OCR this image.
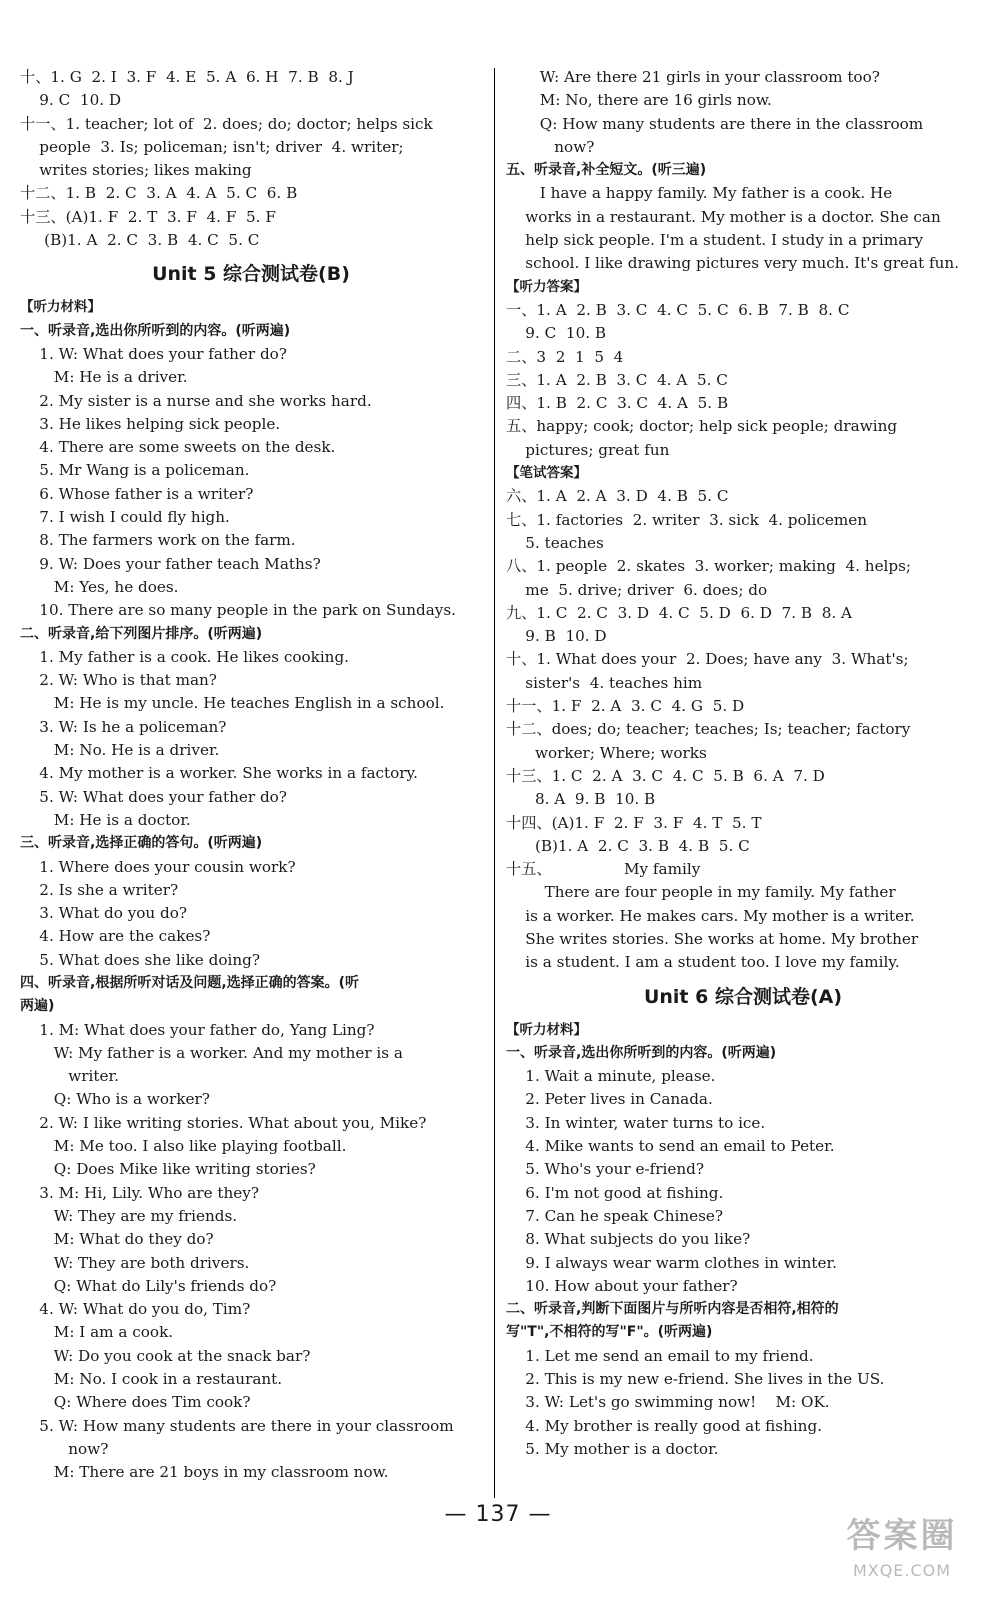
十、1. G  2. I  3. F  4. E  5. A  6. H  7. B  8. J
9. C  10. D
十一、1. teacher; lot of  2. does; do; doctor; helps sick
people  3. Is; policeman; isn't; driver  4. writer;
writes stories; likes making
十二、1. B  2. C  3. A  4. A  5. C  6. B
十三、(A)1. F  2. T  3. F  4. F  5. F
(B)1. A  2. C  3. B  4. C  5. C
Unit 5 综合测试卷(B)
【听力材料】
一、听录音,选出你所听到的内容。(听两遍)
1. W: What does your father do?
M: He is a driver.
2. My sister is a nurse and she works hard.
3. He likes helping sick people.
4. There are some sweets on the desk.
5. Mr Wang is a policeman.
6. Whose father is a writer?
7. I wish I could fly high.
8. The farmers work on the farm.
9. W: Does your father teach Maths?
M: Yes, he does.
10. There are so many people in the park on Sundays.
二、听录音,给下列图片排序。(听两遍)
1. My father is a cook. He likes cooking.
2. W: Who is that man?
M: He is my uncle. He teaches English in a school.
3. W: Is he a policeman?
M: No. He is a driver.
4. My mother is a worker. She works in a factory.
5. W: What does your father do?
M: He is a doctor.
三、听录音,选择正确的答句。(听两遍)
1. Where does your cousin work?
2. Is she a writer?
3. What do you do?
4. How are the cakes?
5. What does she like doing?
四、听录音,根据所听对话及问题,选择正确的答案。(听
两遍)
1. M: What does your father do, Yang Ling?
W: My father is a worker. And my mother is a
writer.
Q: Who is a worker?
2. W: I like writing stories. What about you, Mike?
M: Me too. I also like playing football.
Q: Does Mike like writing stories?
3. M: Hi, Lily. Who are they?
W: They are my friends.
M: What do they do?
W: They are both drivers.
Q: What do Lily's friends do?
4. W: What do you do, Tim?
M: I am a cook.
W: Do you cook at the snack bar?
M: No. I cook in a restaurant.
Q: Where does Tim cook?
5. W: How many students are there in your classroom
now?
M: There are 21 boys in my classroom now.
W: Are there 21 girls in your classroom too?
M: No, there are 16 girls now.
Q: How many students are there in the classroom
now?
五、听录音,补全短文。(听三遍)
I have a happy family. My father is a cook. He
works in a restaurant. My mother is a doctor. She can
help sick people. I'm a student. I study in a primary
school. I like drawing pictures very much. It's great fun.
【听力答案】
一、1. A  2. B  3. C  4. C  5. C  6. B  7. B  8. C
9. C  10. B
二、3  2  1  5  4
三、1. A  2. B  3. C  4. A  5. C
四、1. B  2. C  3. C  4. A  5. B
五、happy; cook; doctor; help sick people; drawing
pictures; great fun
【笔试答案】
六、1. A  2. A  3. D  4. B  5. C
七、1. factories  2. writer  3. sick  4. policemen
5. teaches
八、1. people  2. skates  3. worker; making  4. helps;
me  5. drive; driver  6. does; do
九、1. C  2. C  3. D  4. C  5. D  6. D  7. B  8. A
9. B  10. D
十、1. What does your  2. Does; have any  3. What's;
sister's  4. teaches him
十一、1. F  2. A  3. C  4. G  5. D
十二、does; do; teacher; teaches; Is; teacher; factory
worker; Where; works
十三、1. C  2. A  3. C  4. C  5. B  6. A  7. D
8. A  9. B  10. B
十四、(A)1. F  2. F  3. F  4. T  5. T
(B)1. A  2. C  3. B  4. B  5. C
十五、               My family
There are four people in my family. My father
is a worker. He makes cars. My mother is a writer.
She writes stories. She works at home. My brother
is a student. I am a student too. I love my family.
Unit 6 综合测试卷(A)
【听力材料】
一、听录音,选出你所听到的内容。(听两遍)
1. Wait a minute, please.
2. Peter lives in Canada.
3. In winter, water turns to ice.
4. Mike wants to send an email to Peter.
5. Who's your e-friend?
6. I'm not good at fishing.
7. Can he speak Chinese?
8. What subjects do you like?
9. I always wear warm clothes in winter.
10. How about your father?
二、听录音,判断下面图片与所听内容是否相符,相符的
写"T",不相符的写"F"。(听两遍)
1. Let me send an email to my friend.
2. This is my new e-friend. She lives in the US.
3. W: Let's go swimming now!    M: OK.
4. My brother is really good at fishing.
5. My mother is a doctor.
— 137 —
答案圈
MXQE.COM
